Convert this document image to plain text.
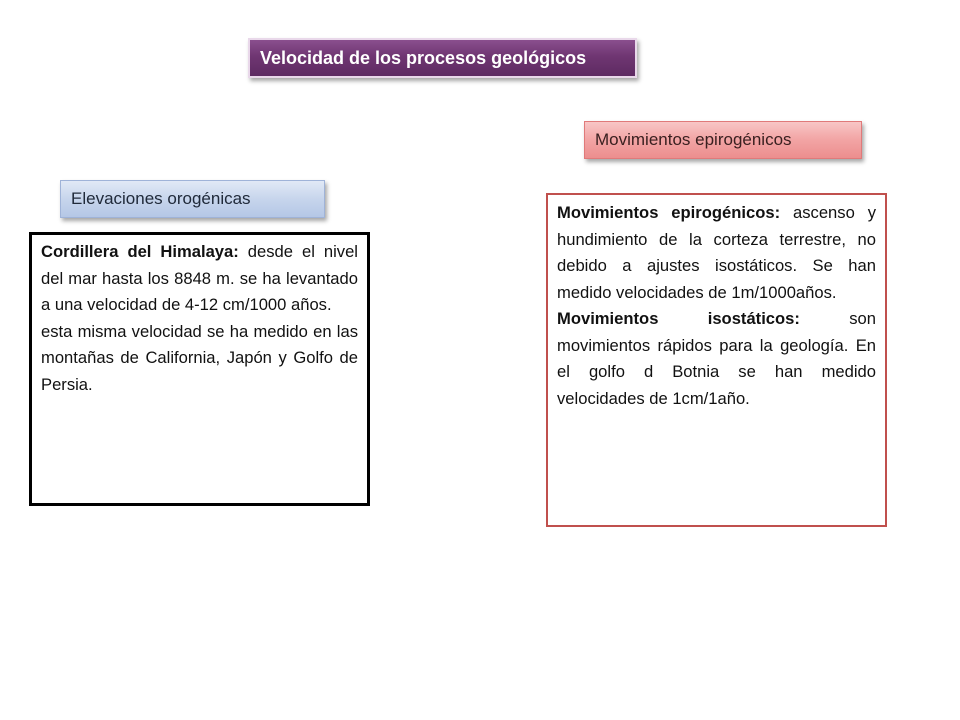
Velocidad de los procesos geológicos
Movimientos epirogénicos
Elevaciones orogénicas

Cordillera del Himalaya: desde el nivel del mar hasta los 8848 m. se ha levantado a una velocidad de 4-12 cm/1000 años.

esta misma velocidad se ha medido en las montañas de California, Japón y Golfo de Persia.

Movimientos epirogénicos: ascenso y hundimiento de la corteza terrestre, no debido a ajustes isostáticos. Se han medido velocidades de 1m/1000años.

Movimientos isostáticos: son movimientos rápidos para la geología. En el golfo d Botnia se han medido velocidades de 1cm/1año.
